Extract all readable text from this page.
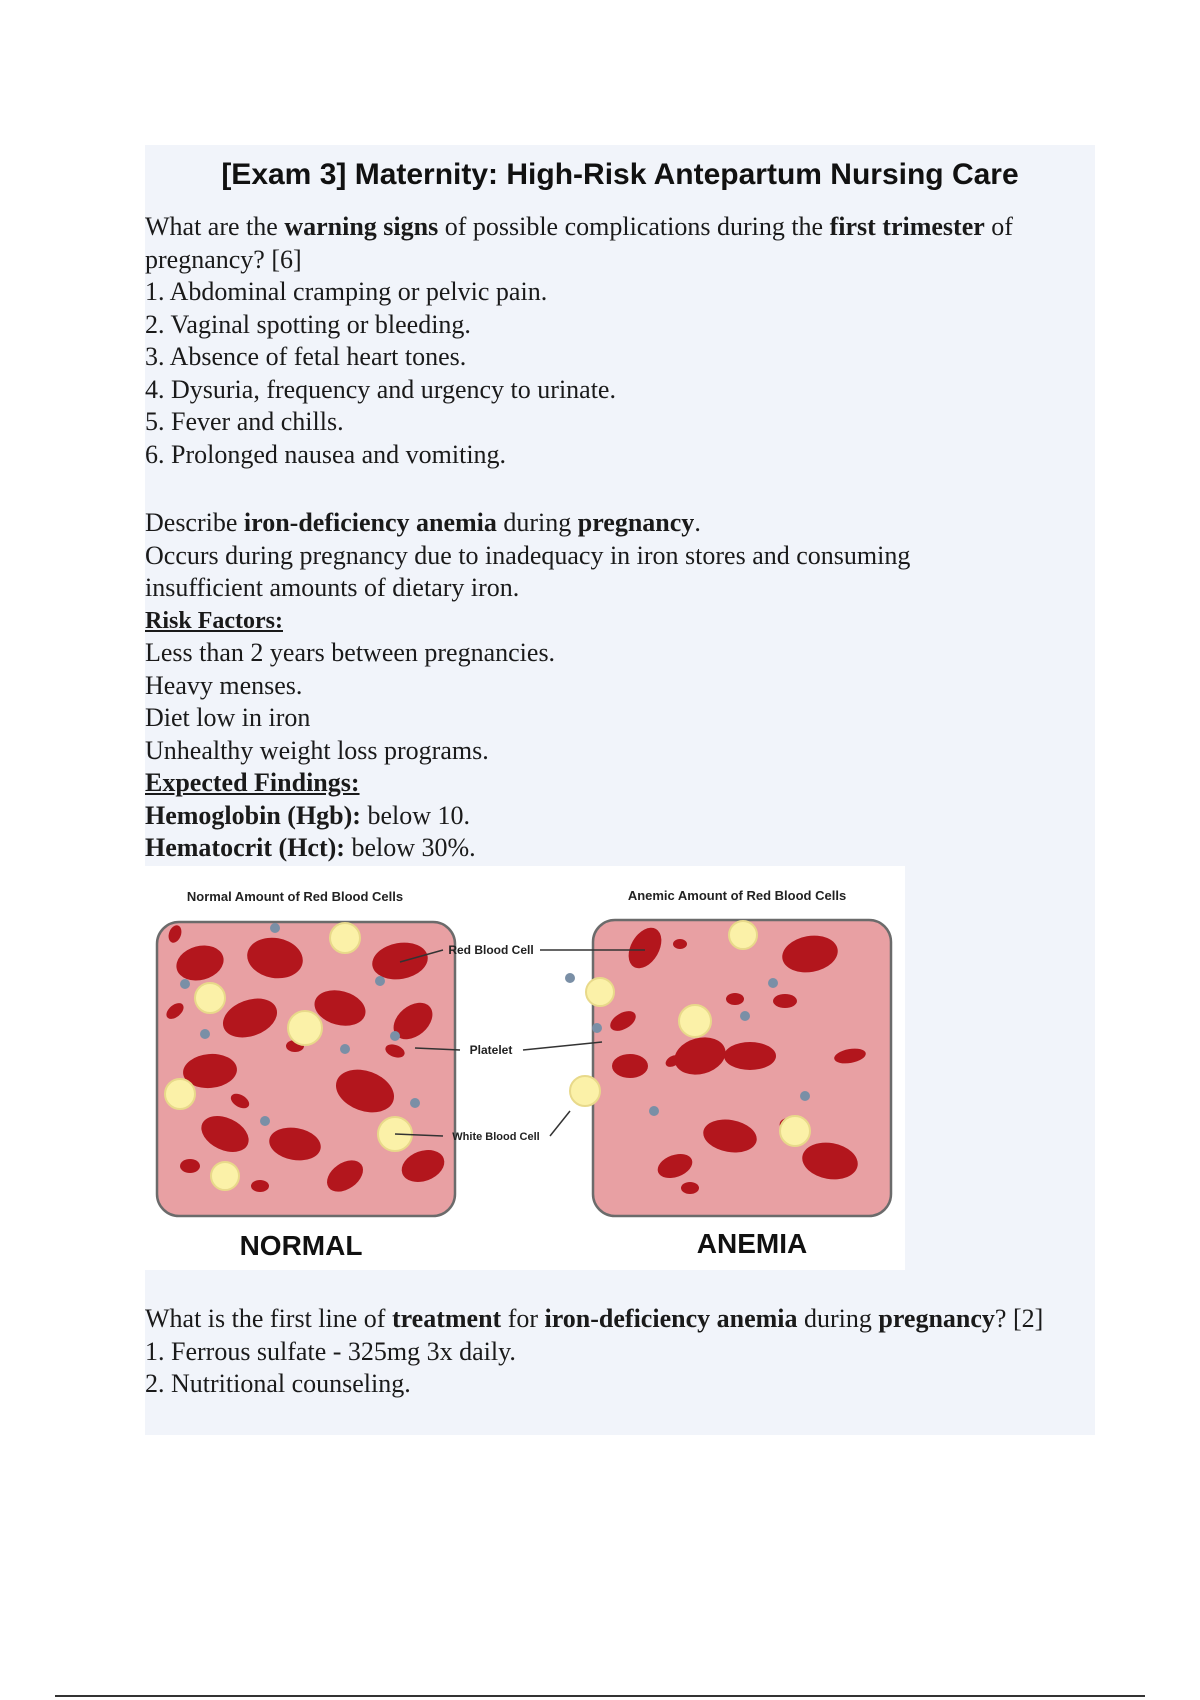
[Exam 3] Maternity: High-Risk Antepartum Nursing Care

What are the warning signs of possible complications during the first trimester of pregnancy? [6]

1. Abdominal cramping or pelvic pain.

2. Vaginal spotting or bleeding.

3. Absence of fetal heart tones.

4. Dysuria, frequency and urgency to urinate.

5. Fever and chills.

6. Prolonged nausea and vomiting.

Describe iron-deficiency anemia during pregnancy.

Occurs during pregnancy due to inadequacy in iron stores and consuming insufficient amounts of dietary iron.

Risk Factors:

Less than 2 years between pregnancies.

Heavy menses.

Diet low in iron

Unhealthy weight loss programs.

Expected Findings:

Hemoglobin (Hgb): below 10.

Hematocrit (Hct): below 30%.

What is the first line of treatment for iron-deficiency anemia during pregnancy? [2]

1. Ferrous sulfate - 325mg 3x daily.

2. Nutritional counseling.

Normal Amount of Red Blood Cells	Anemic Amount of Red Blood Cells
Red Blood Cell
Platelet
White Blood Cell
NORMAL	ANEMIA
